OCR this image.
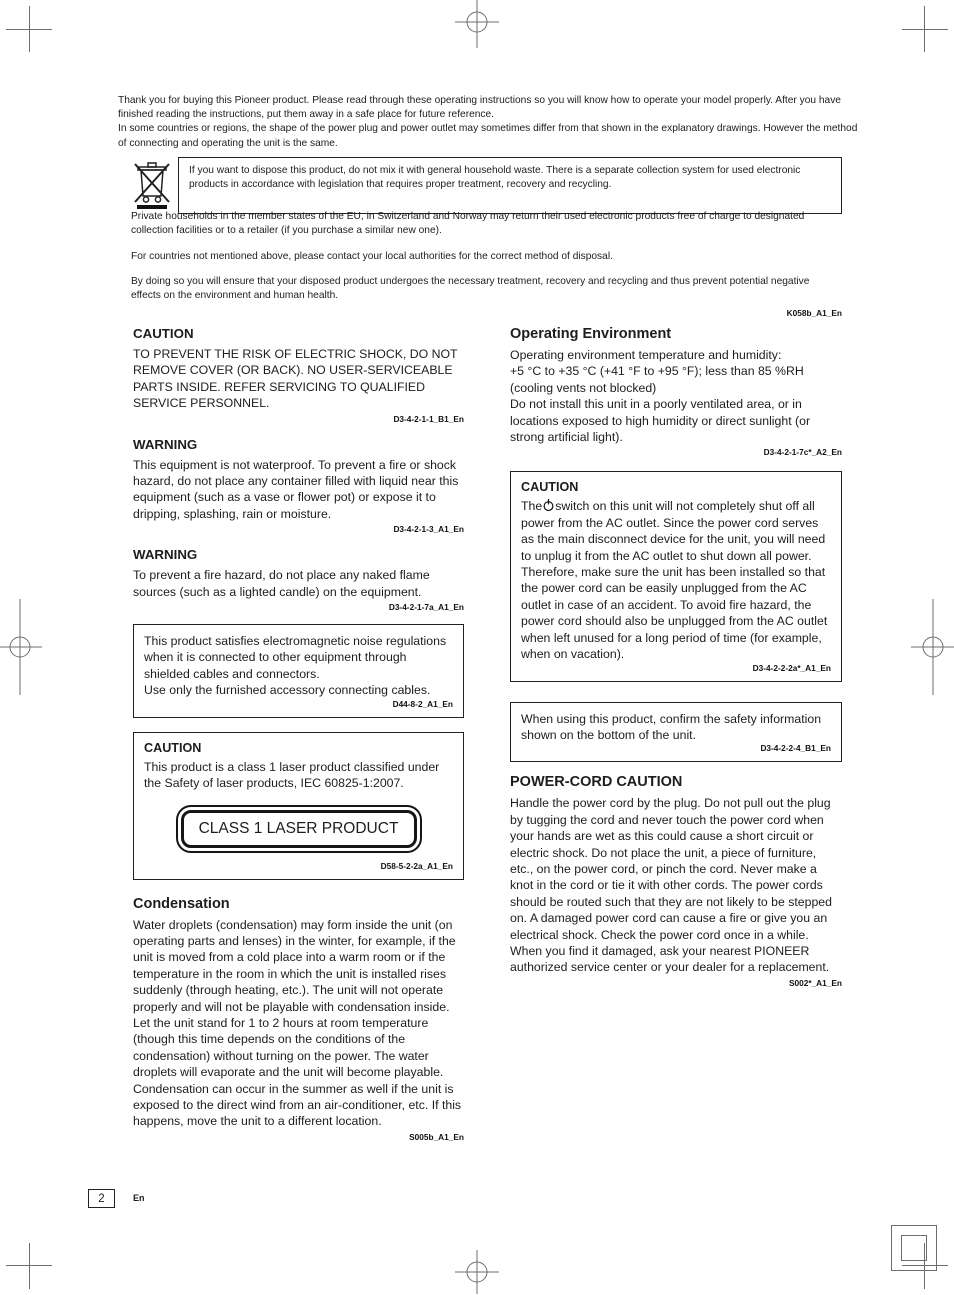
Thank you for buying this Pioneer product. Please read through these operating instructions so you will know how to operate your model properly. After you have finished reading the instructions, put them away in a safe place for future reference.

In some countries or regions, the shape of the power plug and power outlet may sometimes differ from that shown in the explanatory drawings. However the method of connecting and operating the unit is the same.

If you want to dispose this product, do not mix it with general household waste. There is a separate collection system for used electronic products in accordance with legislation that requires proper treatment, recovery and recycling.

Private households in the member states of the EU, in Switzerland and Norway may return their used electronic products free of charge to designated collection facilities or to a retailer (if you purchase a similar new one).

For countries not mentioned above, please contact your local authorities for the correct method of disposal.

By doing so you will ensure that your disposed product undergoes the necessary treatment, recovery and recycling and thus prevent potential negative effects on the environment and human health.

K058b_A1_En
CAUTION

TO PREVENT THE RISK OF ELECTRIC SHOCK, DO NOT REMOVE COVER (OR BACK). NO USER-SERVICEABLE PARTS INSIDE. REFER SERVICING TO QUALIFIED SERVICE PERSONNEL.

D3-4-2-1-1_B1_En
WARNING

This equipment is not waterproof. To prevent a fire or shock hazard, do not place any container filled with liquid near this equipment (such as a vase or flower pot) or expose it to dripping, splashing, rain or moisture.

D3-4-2-1-3_A1_En
WARNING

To prevent a fire hazard, do not place any naked flame sources (such as a lighted candle) on the equipment.

D3-4-2-1-7a_A1_En

This product satisfies electromagnetic noise regulations when it is connected to other equipment through shielded cables and connectors.

Use only the furnished accessory connecting cables.

D44-8-2_A1_En
CAUTION

This product is a class 1 laser product classified under the Safety of laser products, IEC 60825-1:2007.

CLASS 1 LASER PRODUCT
D58-5-2-2a_A1_En
Condensation

Water droplets (condensation) may form inside the unit (on operating parts and lenses) in the winter, for example, if the unit is moved from a cold place into a warm room or if the temperature in the room in which the unit is installed rises suddenly (through heating, etc.). The unit will not operate properly and will not be playable with condensation inside. Let the unit stand for 1 to 2 hours at room temperature (though this time depends on the conditions of the condensation) without turning on the power. The water droplets will evaporate and the unit will become playable. Condensation can occur in the summer as well if the unit is exposed to the direct wind from an air-conditioner, etc. If this happens, move the unit to a different location.

S005b_A1_En
Operating Environment

Operating environment temperature and humidity:

+5 °C to +35 °C (+41 °F to +95 °F); less than 85 %RH

(cooling vents not blocked)

Do not install this unit in a poorly ventilated area, or in locations exposed to high humidity or direct sunlight (or strong artificial light).

D3-4-2-1-7c*_A2_En
CAUTION

The switch on this unit will not completely shut off all power from the AC outlet. Since the power cord serves as the main disconnect device for the unit, you will need to unplug it from the AC outlet to shut down all power. Therefore, make sure the unit has been installed so that the power cord can be easily unplugged from the AC outlet in case of an accident. To avoid fire hazard, the power cord should also be unplugged from the AC outlet when left unused for a long period of time (for example, when on vacation).

D3-4-2-2-2a*_A1_En

When using this product, confirm the safety information shown on the bottom of the unit.

D3-4-2-2-4_B1_En
POWER-CORD CAUTION

Handle the power cord by the plug. Do not pull out the plug by tugging the cord and never touch the power cord when your hands are wet as this could cause a short circuit or electric shock. Do not place the unit, a piece of furniture, etc., on the power cord, or pinch the cord. Never make a knot in the cord or tie it with other cords. The power cords should be routed such that they are not likely to be stepped on. A damaged power cord can cause a fire or give you an electrical shock. Check the power cord once in a while. When you find it damaged, ask your nearest PIONEER authorized service center or your dealer for a replacement.

S002*_A1_En
2	En
